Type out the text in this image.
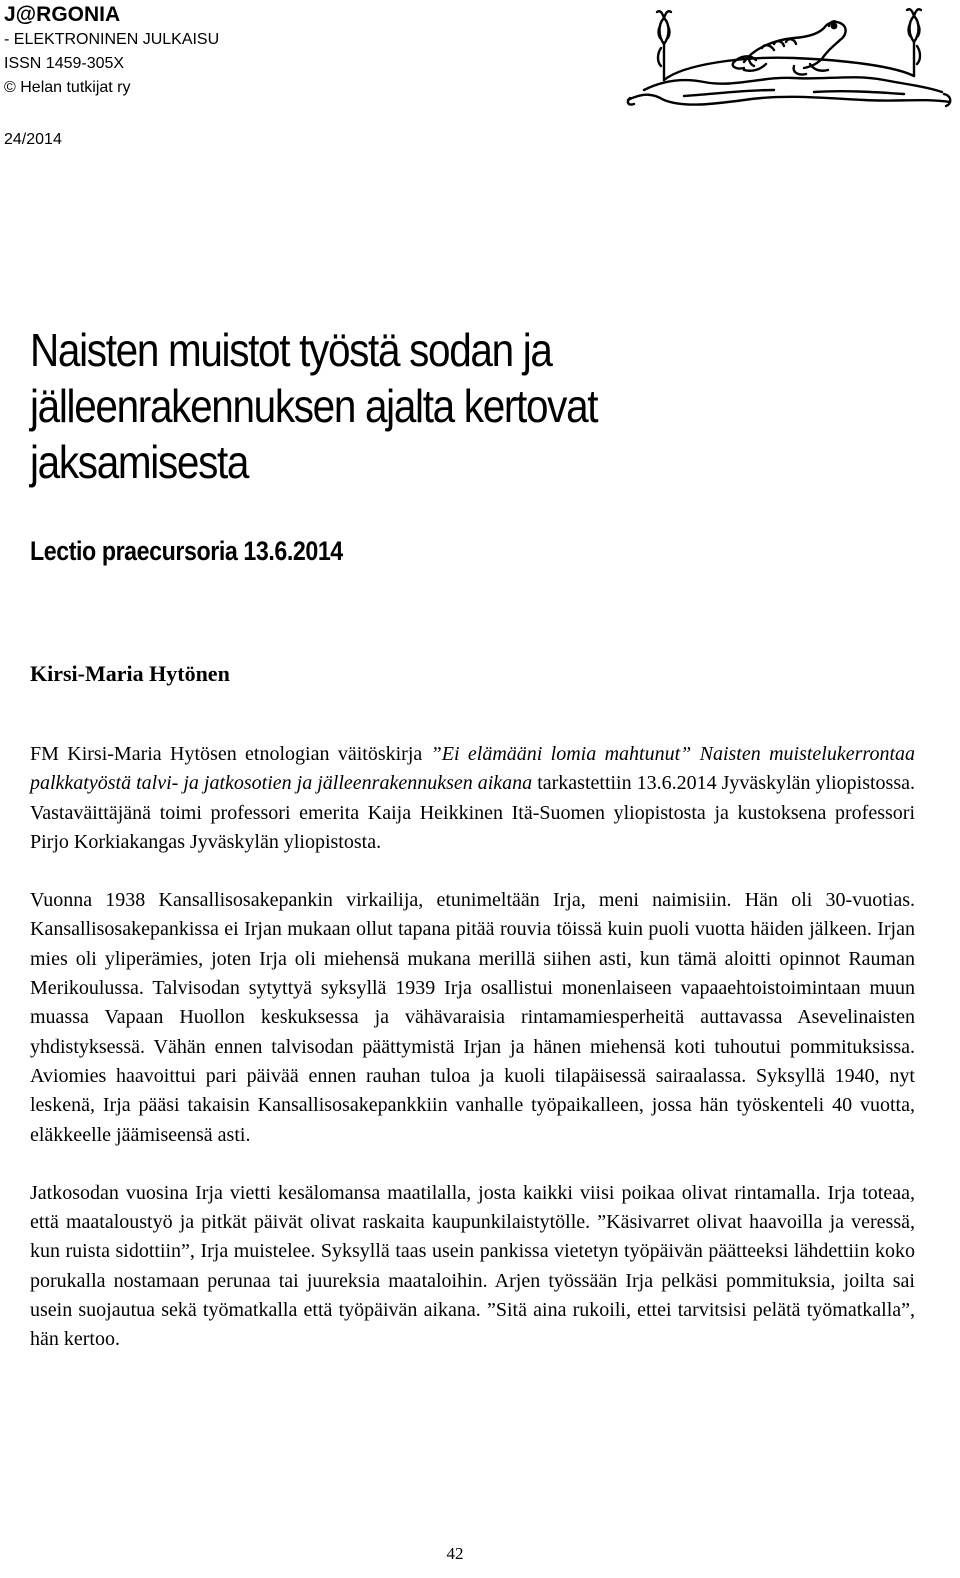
J@RGONIA
- ELEKTRONINEN JULKAISU
ISSN 1459-305X
© Helan tutkijat ry
24/2014
Naisten muistot työstä sodan ja
jälleenrakennuksen ajalta kertovat
jaksamisesta
Lectio praecursoria 13.6.2014
Kirsi-Maria Hytönen

FM Kirsi-Maria Hytösen etnologian väitöskirja ”Ei elämääni lomia mahtunut” Naisten muistelukerrontaa palkkatyöstä talvi- ja jatkosotien ja jälleenrakennuksen aikana tarkastettiin 13.6.2014 Jyväskylän yliopistossa. Vastaväittäjänä toimi professori emerita Kaija Heikkinen Itä-Suomen yliopistosta ja kustoksena professori Pirjo Korkiakangas Jyväskylän yliopistosta.

Vuonna 1938 Kansallisosakepankin virkailija, etunimeltään Irja, meni naimisiin. Hän oli 30-vuotias. Kansallisosakepankissa ei Irjan mukaan ollut tapana pitää rouvia töissä kuin puoli vuotta häiden jälkeen. Irjan mies oli yliperämies, joten Irja oli miehensä mukana merillä siihen asti, kun tämä aloitti opinnot Rauman Merikoulussa. Talvisodan sytyttyä syksyllä 1939 Irja osallistui monenlaiseen vapaaehtoistoimintaan muun muassa Vapaan Huollon keskuksessa ja vähävaraisia rintamamiesperheitä auttavassa Asevelinaisten yhdistyksessä. Vähän ennen talvisodan päättymistä Irjan ja hänen miehensä koti tuhoutui pommituksissa. Aviomies haavoittui pari päivää ennen rauhan tuloa ja kuoli tilapäisessä sairaalassa. Syksyllä 1940, nyt leskenä, Irja pääsi takaisin Kansallisosakepankkiin vanhalle työpaikalleen, jossa hän työskenteli 40 vuotta, eläkkeelle jäämiseensä asti.

Jatkosodan vuosina Irja vietti kesälomansa maatilalla, josta kaikki viisi poikaa olivat rintamalla. Irja toteaa, että maataloustyö ja pitkät päivät olivat raskaita kaupunkilaistytölle. ”Käsivarret olivat haavoilla ja veressä, kun ruista sidottiin”, Irja muistelee. Syksyllä taas usein pankissa vietetyn työpäivän päätteeksi lähdettiin koko porukalla nostamaan perunaa tai juureksia maataloihin. Arjen työssään Irja pelkäsi pommituksia, joilta sai usein suojautua sekä työmatkalla että työpäivän aikana. ”Sitä aina rukoili, ettei tarvitsisi pelätä työmatkalla”, hän kertoo.

42
